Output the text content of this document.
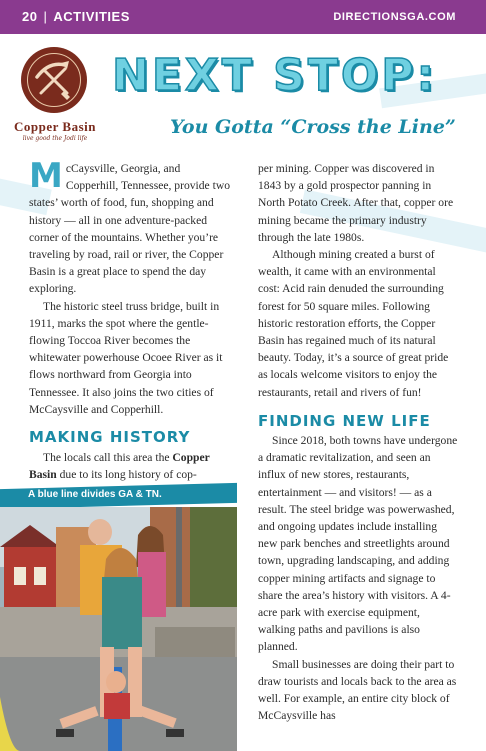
20 | ACTIVITIES	DIRECTIONSGA.COM
Copper Basin
live good the Jodi life
NEXT STOP:
You Gotta “Cross the Line”

McCaysville, Georgia, and Copperhill, Tennessee, provide two states’ worth of food, fun, shopping and history — all in one adventure-packed corner of the mountains. Whether you’re traveling by road, rail or river, the Copper Basin is a great place to spend the day exploring.

The historic steel truss bridge, built in 1911, marks the spot where the gentle-flowing Toccoa River becomes the whitewater powerhouse Ocoee River as it flows northward from Georgia into Tennessee. It also joins the two cities of McCaysville and Copperhill.

MAKING HISTORY

The locals call this area the Copper Basin due to its long history of cop-

per mining. Copper was discovered in 1843 by a gold prospector panning in North Potato Creek. After that, copper ore mining became the primary industry through the late 1980s.

Although mining created a burst of wealth, it came with an environmental cost: Acid rain denuded the surrounding forest for 50 square miles. Following historic restoration efforts, the Copper Basin has regained much of its natural beauty. Today, it’s a source of great pride as locals welcome visitors to enjoy the restaurants, retail and rivers of fun!

FINDING NEW LIFE

Since 2018, both towns have undergone a dramatic revitalization, and seen an influx of new stores, restaurants, entertainment — and visitors! — as a result. The steel bridge was powerwashed, and ongoing updates include installing new park benches and streetlights around town, upgrading landscaping, and adding copper mining artifacts and signage to share the area’s history with visitors. A 4-acre park with exercise equipment, walking paths and pavilions is also planned.

Small businesses are doing their part to draw tourists and locals back to the area as well. For example, an entire city block of McCaysville has

A blue line divides GA & TN.
